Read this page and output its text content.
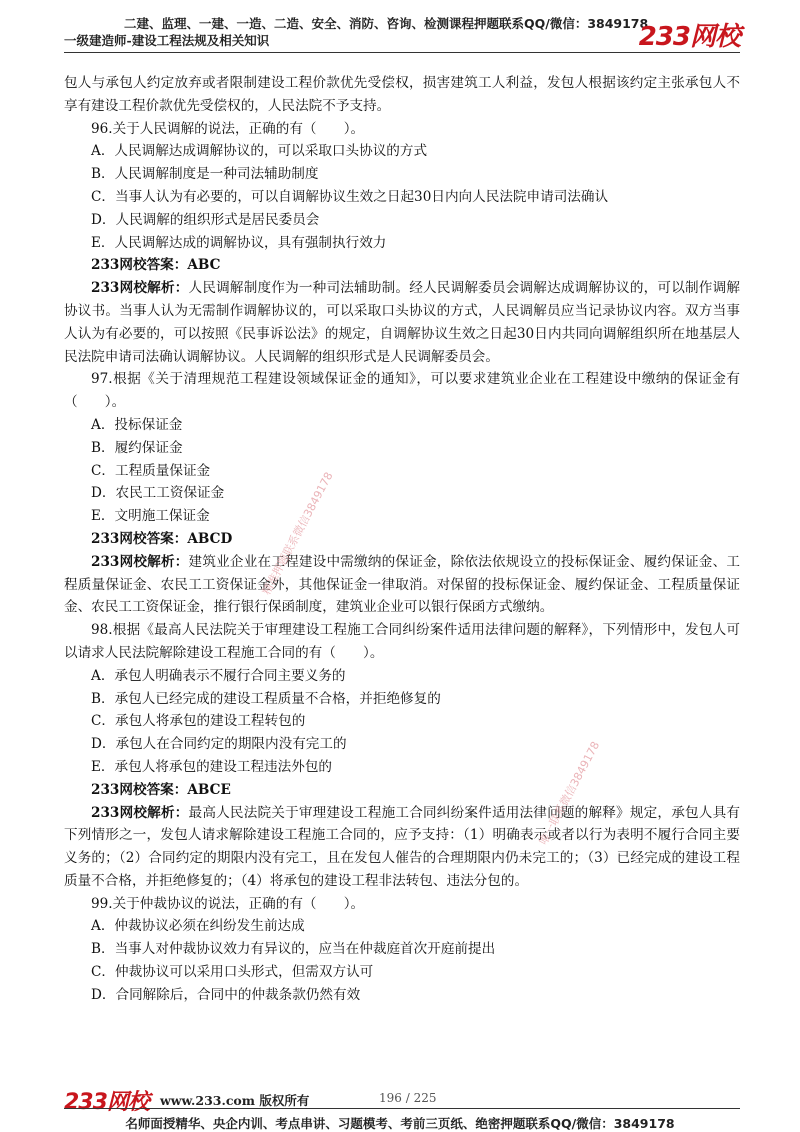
二建、监理、一建、一造、二造、安全、消防、咨询、检测课程押题联系QQ/微信：3849178
一级建造师-建设工程法规及相关知识	233网校

包人与承包人约定放弃或者限制建设工程价款优先受偿权，损害建筑工人利益，发包人根据该约定主张承包人不享有建设工程价款优先受偿权的，人民法院不予支持。

96.关于人民调解的说法，正确的有（　　）。

A．人民调解达成调解协议的，可以采取口头协议的方式

B．人民调解制度是一种司法辅助制度

C．当事人认为有必要的，可以自调解协议生效之日起30日内向人民法院申请司法确认

D．人民调解的组织形式是居民委员会

E．人民调解达成的调解协议，具有强制执行效力

233网校答案：ABC

233网校解析：人民调解制度作为一种司法辅助制。经人民调解委员会调解达成调解协议的，可以制作调解协议书。当事人认为无需制作调解协议的，可以采取口头协议的方式，人民调解员应当记录协议内容。双方当事人认为有必要的，可以按照《民事诉讼法》的规定，自调解协议生效之日起30日内共同向调解组织所在地基层人民法院申请司法确认调解协议。人民调解的组织形式是人民调解委员会。

97.根据《关于清理规范工程建设领域保证金的通知》，可以要求建筑业企业在工程建设中缴纳的保证金有（　　）。

A．投标保证金

B．履约保证金

C．工程质量保证金

D．农民工工资保证金

E．文明施工保证金

233网校答案：ABCD

233网校解析：建筑业企业在工程建设中需缴纳的保证金，除依法依规设立的投标保证金、履约保证金、工程质量保证金、农民工工资保证金外，其他保证金一律取消。对保留的投标保证金、履约保证金、工程质量保证金、农民工工资保证金，推行银行保函制度，建筑业企业可以银行保函方式缴纳。

98.根据《最高人民法院关于审理建设工程施工合同纠纷案件适用法律问题的解释》，下列情形中，发包人可以请求人民法院解除建设工程施工合同的有（　　）。

A．承包人明确表示不履行合同主要义务的

B．承包人已经完成的建设工程质量不合格，并拒绝修复的

C．承包人将承包的建设工程转包的

D．承包人在合同约定的期限内没有完工的

E．承包人将承包的建设工程违法外包的

233网校答案：ABCE

233网校解析：最高人民法院关于审理建设工程施工合同纠纷案件适用法律问题的解释》规定，承包人具有下列情形之一，发包人请求解除建设工程施工合同的，应予支持：（1）明确表示或者以行为表明不履行合同主要义务的；（2）合同约定的期限内没有完工，且在发包人催告的合理期限内仍未完工的；（3）已经完成的建设工程质量不合格，并拒绝修复的；（4）将承包的建设工程非法转包、违法分包的。

99.关于仲裁协议的说法，正确的有（　　）。

A．仲裁协议必须在纠纷发生前达成

B．当事人对仲裁协议效力有异议的，应当在仲裁庭首次开庭前提出

C．仲裁协议可以采用口头形式，但需双方认可

D．合同解除后，合同中的仲裁条款仍然有效

精准押题联系微信3849178
唯一联系微信3849178
233网校 www.233.com 版权所有	196 / 225
名师面授精华、央企内训、考点串讲、习题模考、考前三页纸、绝密押题联系QQ/微信：3849178
